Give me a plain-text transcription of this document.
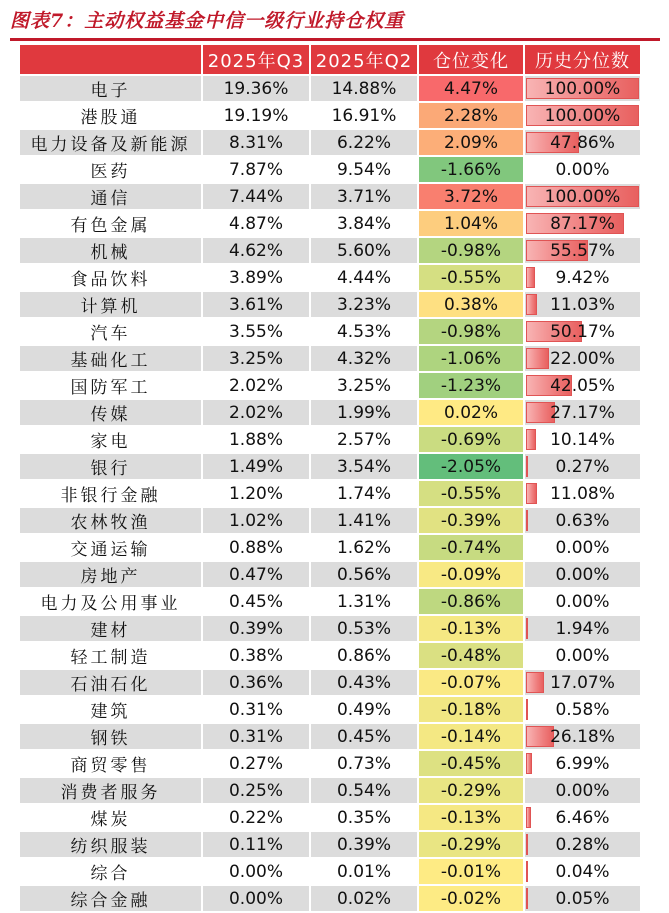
图表7：主动权益基金中信一级行业持仓权重
	2025年Q3	2025年Q2	仓位变化	历史分位数
电子	19.36%	14.88%	4.47%	100.00%
港股通	19.19%	16.91%	2.28%	100.00%
电力设备及新能源	8.31%	6.22%	2.09%	47.86%
医药	7.87%	9.54%	-1.66%	0.00%
通信	7.44%	3.71%	3.72%	100.00%
有色金属	4.87%	3.84%	1.04%	87.17%
机械	4.62%	5.60%	-0.98%	55.57%
食品饮料	3.89%	4.44%	-0.55%	9.42%
计算机	3.61%	3.23%	0.38%	11.03%
汽车	3.55%	4.53%	-0.98%	50.17%
基础化工	3.25%	4.32%	-1.06%	22.00%
国防军工	2.02%	3.25%	-1.23%	42.05%
传媒	2.02%	1.99%	0.02%	27.17%
家电	1.88%	2.57%	-0.69%	10.14%
银行	1.49%	3.54%	-2.05%	0.27%
非银行金融	1.20%	1.74%	-0.55%	11.08%
农林牧渔	1.02%	1.41%	-0.39%	0.63%
交通运输	0.88%	1.62%	-0.74%	0.00%
房地产	0.47%	0.56%	-0.09%	0.00%
电力及公用事业	0.45%	1.31%	-0.86%	0.00%
建材	0.39%	0.53%	-0.13%	1.94%
轻工制造	0.38%	0.86%	-0.48%	0.00%
石油石化	0.36%	0.43%	-0.07%	17.07%
建筑	0.31%	0.49%	-0.18%	0.58%
钢铁	0.31%	0.45%	-0.14%	26.18%
商贸零售	0.27%	0.73%	-0.45%	6.99%
消费者服务	0.25%	0.54%	-0.29%	0.00%
煤炭	0.22%	0.35%	-0.13%	6.46%
纺织服装	0.11%	0.39%	-0.29%	0.28%
综合	0.00%	0.01%	-0.01%	0.04%
综合金融	0.00%	0.02%	-0.02%	0.05%
